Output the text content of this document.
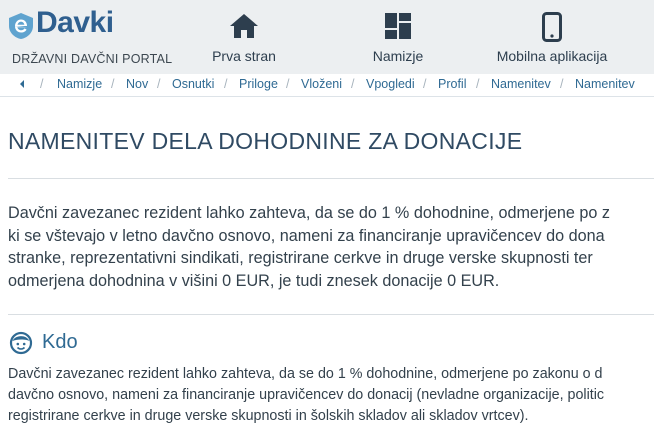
Davki
DRŽAVNI DAVČNI PORTAL	Prva stran	Namizje	Mobilna aplikacija
/ Namizje / Nov / Osnutki / Priloge / Vloženi / Vpogledi / Profil / Namenitev / Namenitev
NAMENITEV DELA DOHODNINE ZA DONACIJE
Davčni zavezanec rezident lahko zahteva, da se do 1 % dohodnine, odmerjene po z
ki se vštevajo v letno davčno osnovo, nameni za financiranje upravičencev do dona
stranke, reprezentativni sindikati, registrirane cerkve in druge verske skupnosti ter
odmerjena dohodnina v višini 0 EUR, je tudi znesek donacije 0 EUR.
Kdo
Davčni zavezanec rezident lahko zahteva, da se do 1 % dohodnine, odmerjene po zakonu o d
davčno osnovo, nameni za financiranje upravičencev do donacij (nevladne organizacije, politic
registrirane cerkve in druge verske skupnosti in šolskih skladov ali skladov vrtcev).
